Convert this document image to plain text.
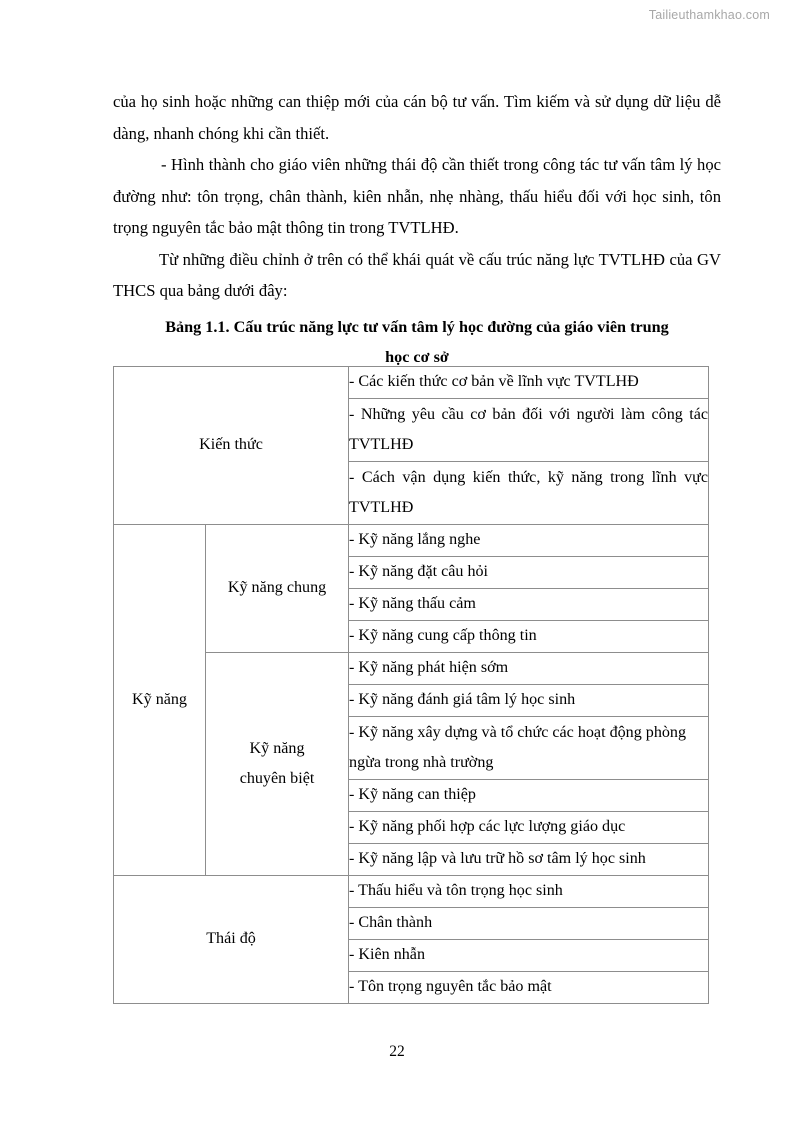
Tailieuthamkhao.com

của họ sinh hoặc những can thiệp mới của cán bộ tư vấn. Tìm kiếm và sử dụng dữ liệu dễ dàng, nhanh chóng khi cần thiết.

- Hình thành cho giáo viên những thái độ cần thiết trong công tác tư vấn tâm lý học đường như: tôn trọng, chân thành, kiên nhẫn, nhẹ nhàng, thấu hiểu đối với học sinh, tôn trọng nguyên tắc bảo mật thông tin trong TVTLHĐ.

Từ những điều chỉnh ở trên có thể khái quát về cấu trúc năng lực TVTLHĐ của GV THCS qua bảng dưới đây:

Bảng 1.1. Cấu trúc năng lực tư vấn tâm lý học đường của giáo viên trung
học cơ sở
Kiến thức		- Các kiến thức cơ bản về lĩnh vực TVTLHĐ
		- Những yêu cầu cơ bản đối với người làm công tác TVTLHĐ
		- Cách vận dụng kiến thức, kỹ năng trong lĩnh vực TVTLHĐ
Kỹ năng	Kỹ năng chung	- Kỹ năng lắng nghe
		- Kỹ năng đặt câu hỏi
		- Kỹ năng thấu cảm
		- Kỹ năng cung cấp thông tin

	Kỹ năng
chuyên biệt	- Kỹ năng phát hiện sớm
		- Kỹ năng đánh giá tâm lý học sinh
		- Kỹ năng xây dựng và tổ chức các hoạt động phòng ngừa trong nhà trường
		- Kỹ năng can thiệp
		- Kỹ năng phối hợp các lực lượng giáo dục
		- Kỹ năng lập và lưu trữ hồ sơ tâm lý học sinh
Thái độ		- Thấu hiểu và tôn trọng học sinh
		- Chân thành
		- Kiên nhẫn
		- Tôn trọng nguyên tắc bảo mật
22
